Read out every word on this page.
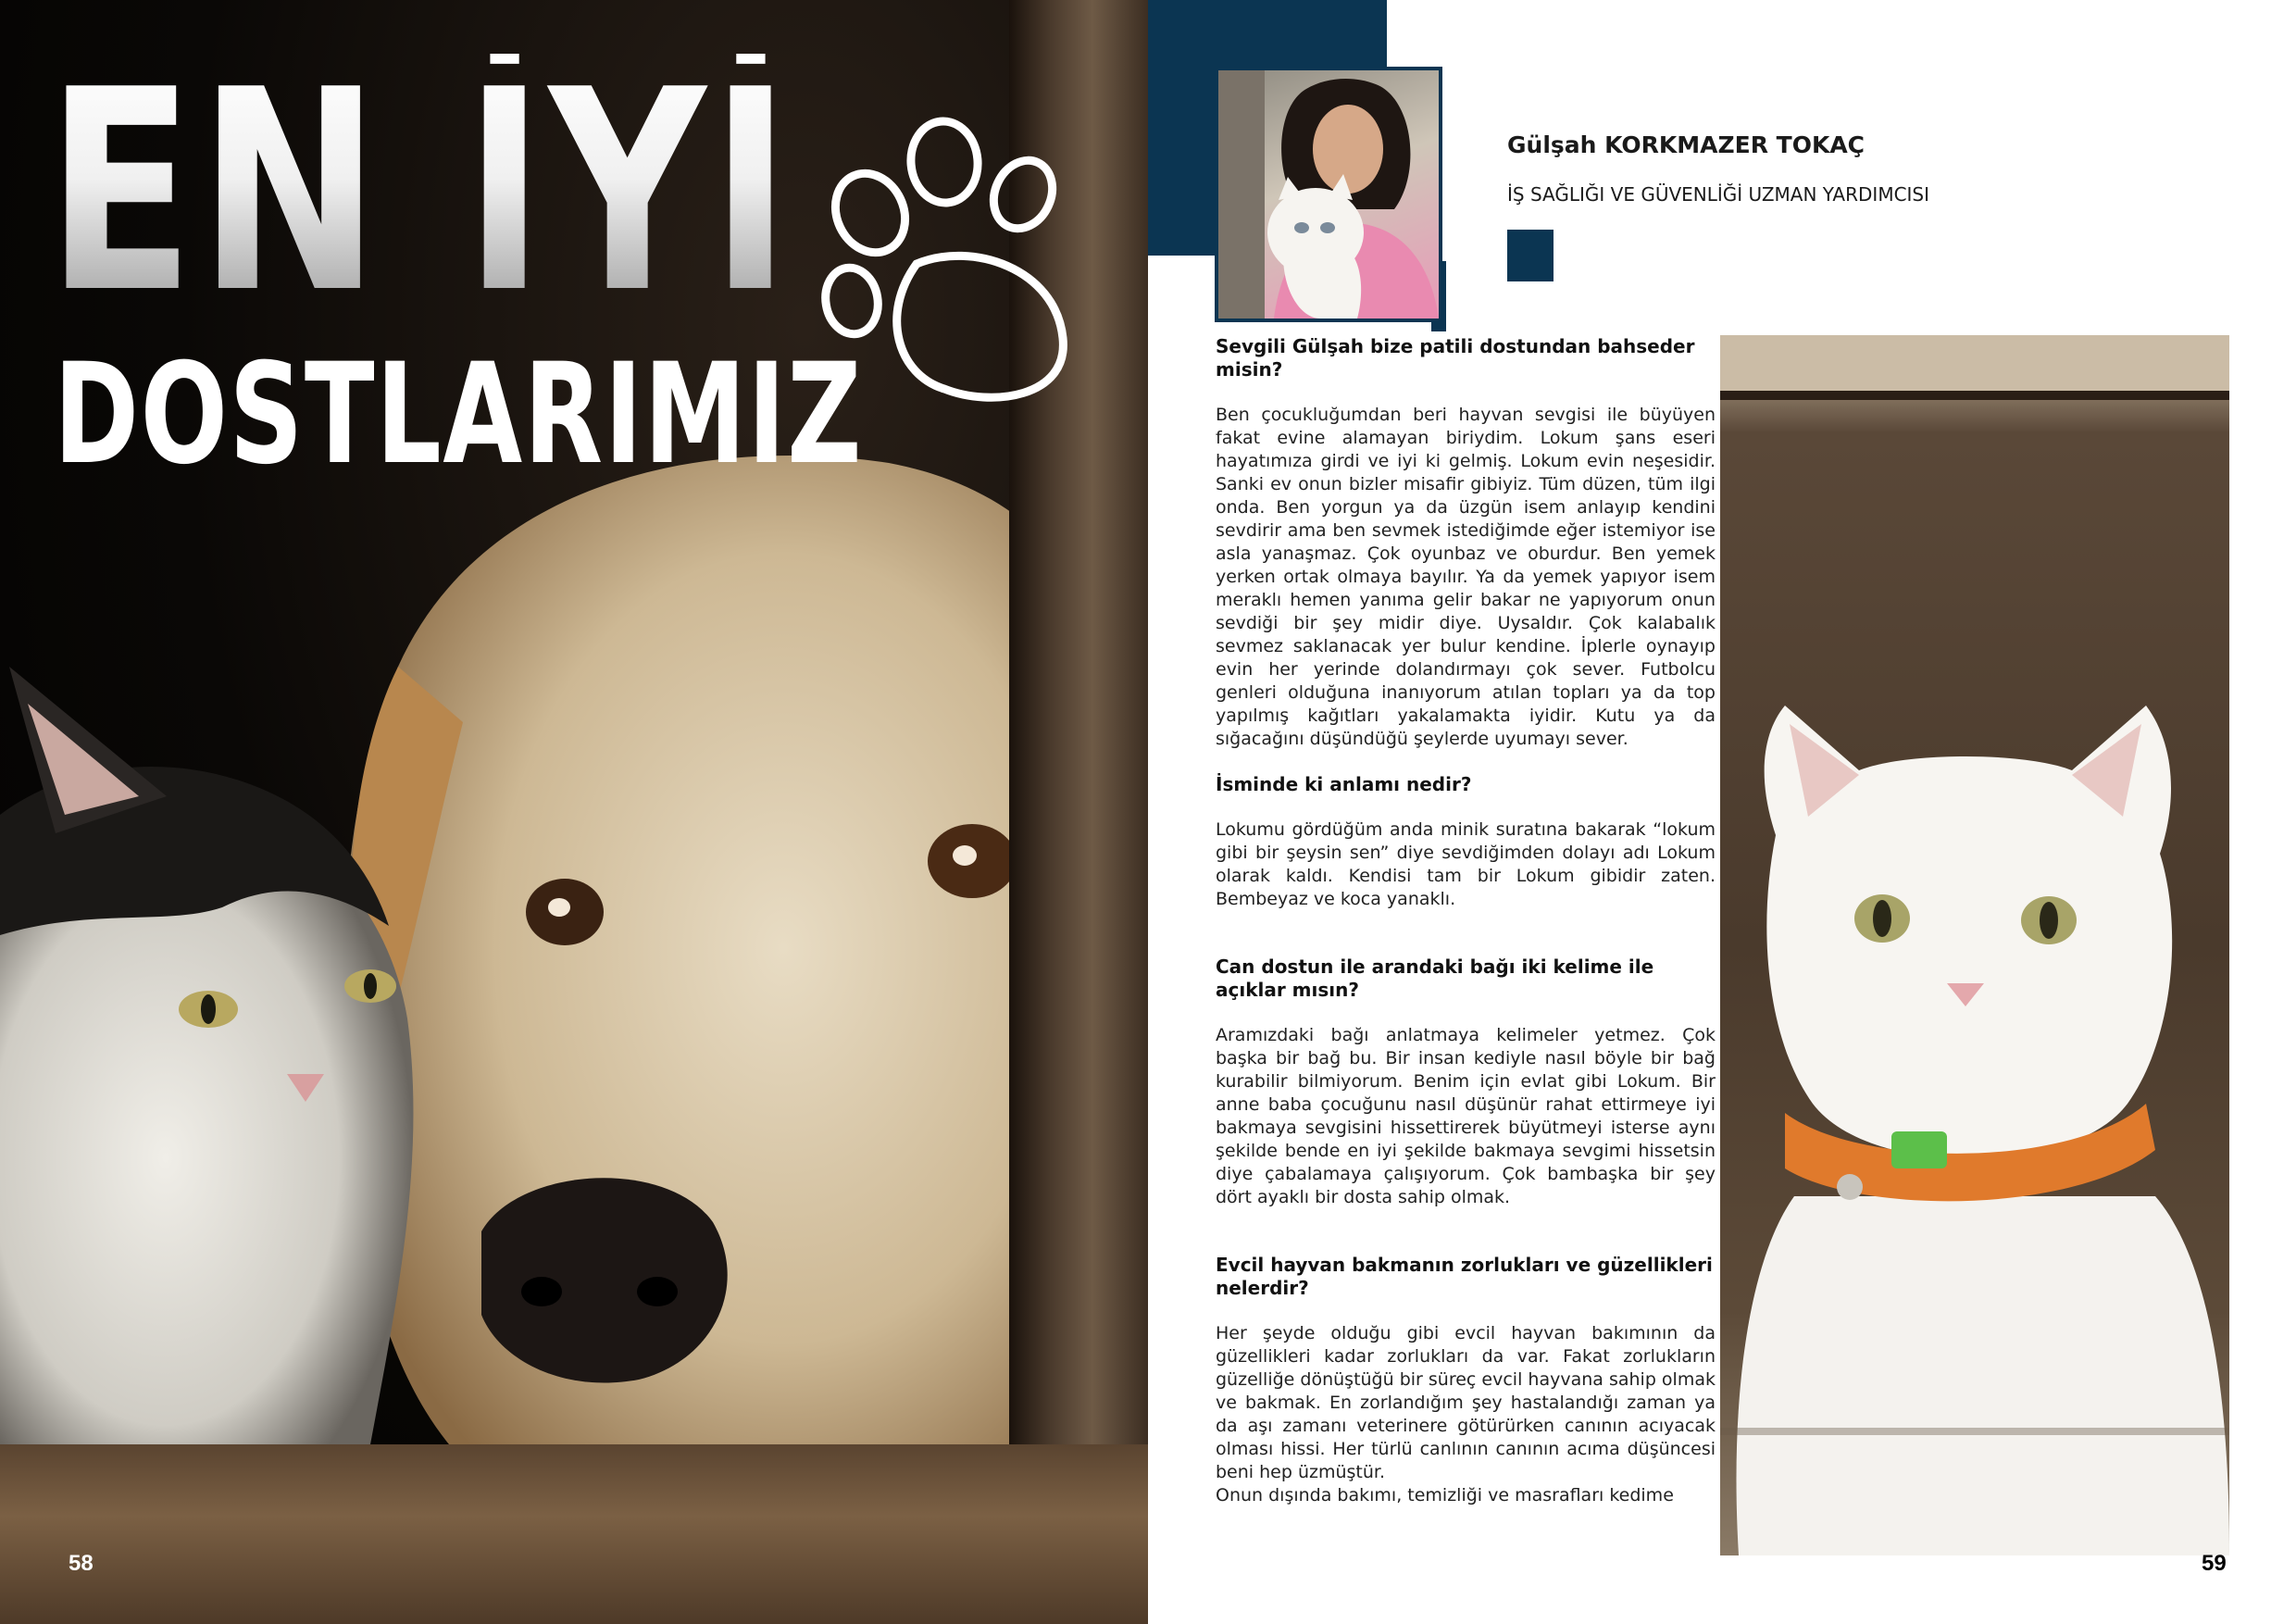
EN İYİ
DOSTLARIMIZ
58
Gülşah KORKMAZER TOKAÇ
İŞ SAĞLIĞI VE GÜVENLİĞİ UZMAN YARDIMCISI
Sevgili Gülşah bize patili dostundan bahseder misin?

Ben çocukluğumdan beri hayvan sevgisi ile büyüyen fakat evine alamayan biriydim. Lokum şans eseri hayatımıza girdi ve iyi ki gelmiş. Lokum evin neşesidir. Sanki ev onun bizler misafir gibiyiz. Tüm düzen, tüm ilgi onda. Ben yorgun ya da üzgün isem anlayıp kendini sevdirir ama ben sevmek istediğimde eğer istemiyor ise asla yanaşmaz. Çok oyunbaz ve oburdur. Ben yemek yerken ortak olmaya bayılır. Ya da yemek yapıyor isem meraklı hemen yanıma gelir bakar ne yapıyorum onun sevdiği bir şey midir diye. Uysaldır. Çok kalabalık sevmez saklanacak yer bulur kendine. İplerle oynayıp evin her yerinde dolandırmayı çok sever. Futbolcu genleri olduğuna inanıyorum atılan topları ya da top yapılmış kağıtları yakalamakta iyidir. Kutu ya da sığacağını düşündüğü şeylerde uyumayı sever.

İsminde ki anlamı nedir?

Lokumu gördüğüm anda minik suratına bakarak “lokum gibi bir şeysin sen” diye sevdiğimden dolayı adı Lokum olarak kaldı. Kendisi tam bir Lokum gibidir zaten. Bembeyaz ve koca yanaklı.

Can dostun ile arandaki bağı iki kelime ile açıklar mısın?

Aramızdaki bağı anlatmaya kelimeler yetmez. Çok başka bir bağ bu. Bir insan kediyle nasıl böyle bir bağ kurabilir bilmiyorum. Benim için evlat gibi Lokum. Bir anne baba çocuğunu nasıl düşünür rahat ettirmeye iyi bakmaya sevgisini hissettirerek büyütmeyi isterse aynı şekilde bende en iyi şekilde bakmaya sevgimi hissetsin diye çabalamaya çalışıyorum. Çok bambaşka bir şey dört ayaklı bir dosta sahip olmak.

Evcil hayvan bakmanın zorlukları ve güzellikleri nelerdir?

Her şeyde olduğu gibi evcil hayvan bakımının da güzellikleri kadar zorlukları da var. Fakat zorlukların güzelliğe dönüştüğü bir süreç evcil hayvana sahip olmak ve bakmak. En zorlandığım şey hastalandığı zaman ya da aşı zamanı veterinere götürürken canının acıyacak olması hissi. Her türlü canlının canının acıma düşüncesi beni hep üzmüştür.

Onun dışında bakımı, temizliği ve masrafları kedime

59
